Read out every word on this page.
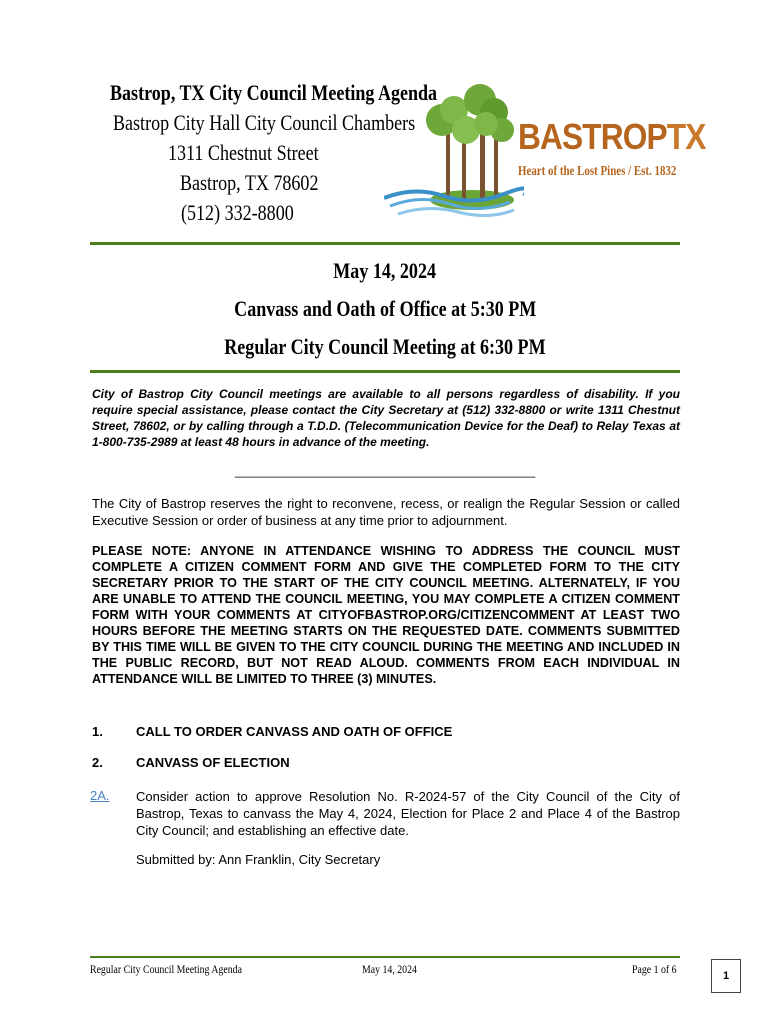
Bastrop, TX City Council Meeting Agenda
Bastrop City Hall City Council Chambers
1311 Chestnut Street
Bastrop, TX 78602
(512) 332-8800
BASTROPTX
Heart of the Lost Pines / Est. 1832
May 14, 2024
Canvass and Oath of Office at 5:30 PM
Regular City Council Meeting at 6:30 PM
City of Bastrop City Council meetings are available to all persons regardless of disability. If you require special assistance, please contact the City Secretary at (512) 332-8800 or write 1311 Chestnut Street, 78602, or by calling through a T.D.D. (Telecommunication Device for the Deaf) to Relay Texas at 1-800-735-2989 at least 48 hours in advance of the meeting.
_____________________________________________
The City of Bastrop reserves the right to reconvene, recess, or realign the Regular Session or called Executive Session or order of business at any time prior to adjournment.
PLEASE NOTE: ANYONE IN ATTENDANCE WISHING TO ADDRESS THE COUNCIL MUST COMPLETE A CITIZEN COMMENT FORM AND GIVE THE COMPLETED FORM TO THE CITY SECRETARY PRIOR TO THE START OF THE CITY COUNCIL MEETING. ALTERNATELY, IF YOU ARE UNABLE TO ATTEND THE COUNCIL MEETING, YOU MAY COMPLETE A CITIZEN COMMENT FORM WITH YOUR COMMENTS AT CITYOFBASTROP.ORG/CITIZENCOMMENT AT LEAST TWO HOURS BEFORE THE MEETING STARTS ON THE REQUESTED DATE. COMMENTS SUBMITTED BY THIS TIME WILL BE GIVEN TO THE CITY COUNCIL DURING THE MEETING AND INCLUDED IN THE PUBLIC RECORD, BUT NOT READ ALOUD. COMMENTS FROM EACH INDIVIDUAL IN ATTENDANCE WILL BE LIMITED TO THREE (3) MINUTES.
1.	CALL TO ORDER CANVASS AND OATH OF OFFICE
2.	CANVASS OF ELECTION
2A. Consider action to approve Resolution No. R-2024-57 of the City Council of the City of Bastrop, Texas to canvass the May 4, 2024, Election for Place 2 and Place 4 of the Bastrop City Council; and establishing an effective date.
Submitted by: Ann Franklin, City Secretary
Regular City Council Meeting Agenda	May 14, 2024	Page 1 of 6	1
